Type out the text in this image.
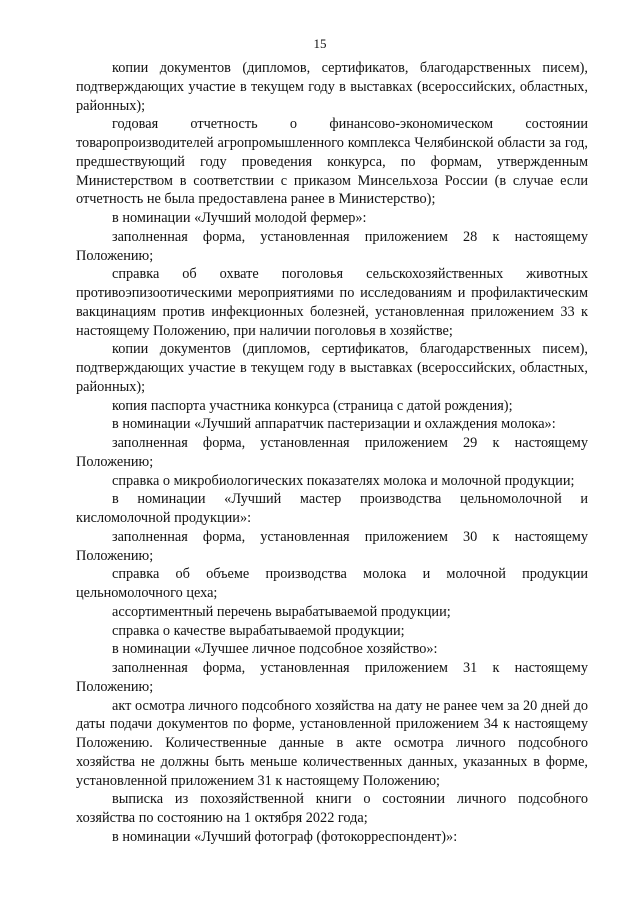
15

копии документов (дипломов, сертификатов, благодарственных писем), подтверждающих участие в текущем году в выставках (всероссийских, областных, районных);

годовая отчетность о финансово-экономическом состоянии товаропроизводителей агропромышленного комплекса Челябинской области за год, предшествующий году проведения конкурса, по формам, утвержденным Министерством в соответствии с приказом Минсельхоза России (в случае если отчетность не была предоставлена ранее в Министерство);

в номинации «Лучший молодой фермер»:

заполненная форма, установленная приложением 28 к настоящему Положению;

справка об охвате поголовья сельскохозяйственных животных противоэпизоотическими мероприятиями по исследованиям и профилактическим вакцинациям против инфекционных болезней, установленная приложением 33 к настоящему Положению, при наличии поголовья в хозяйстве;

копии документов (дипломов, сертификатов, благодарственных писем), подтверждающих участие в текущем году в выставках (всероссийских, областных, районных);

копия паспорта участника конкурса (страница с датой рождения);

в номинации «Лучший аппаратчик пастеризации и охлаждения молока»:

заполненная форма, установленная приложением 29 к настоящему Положению;

справка о микробиологических показателях молока и молочной продукции;

в номинации «Лучший мастер производства цельномолочной и кисломолочной продукции»:

заполненная форма, установленная приложением 30 к настоящему Положению;

справка об объеме производства молока и молочной продукции цельномолочного цеха;

ассортиментный перечень вырабатываемой продукции;

справка о качестве вырабатываемой продукции;

в номинации «Лучшее личное подсобное хозяйство»:

заполненная форма, установленная приложением 31 к настоящему Положению;

акт осмотра личного подсобного хозяйства на дату не ранее чем за 20 дней до даты подачи документов по форме, установленной приложением 34 к настоящему Положению. Количественные данные в акте осмотра личного подсобного хозяйства не должны быть меньше количественных данных, указанных в форме, установленной приложением 31 к настоящему Положению;

выписка из похозяйственной книги о состоянии личного подсобного хозяйства по состоянию на 1 октября 2022 года;

в номинации «Лучший фотограф (фотокорреспондент)»:
